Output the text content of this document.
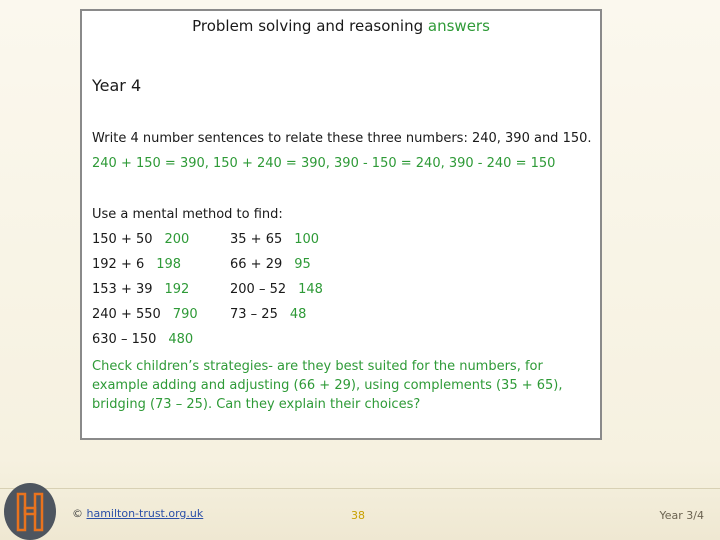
Problem solving and reasoning answers
Year 4
Write 4 number sentences to relate these three numbers: 240, 390 and 150.
240 + 150 = 390, 150 + 240 = 390, 390 - 150 = 240, 390 - 240 = 150
Use a mental method to find:
150 + 50 200
192 + 6 198
153 + 39 192
240 + 550 790
630 – 150 480
35 + 65 100
66 + 29 95
200 – 52 148
73 – 25 48
Check children’s strategies- are they best suited for the numbers, for example adding and adjusting (66 + 29), using complements (35 + 65), bridging (73 – 25). Can they explain their choices?
© hamilton-trust.org.uk	38	Year 3/4
